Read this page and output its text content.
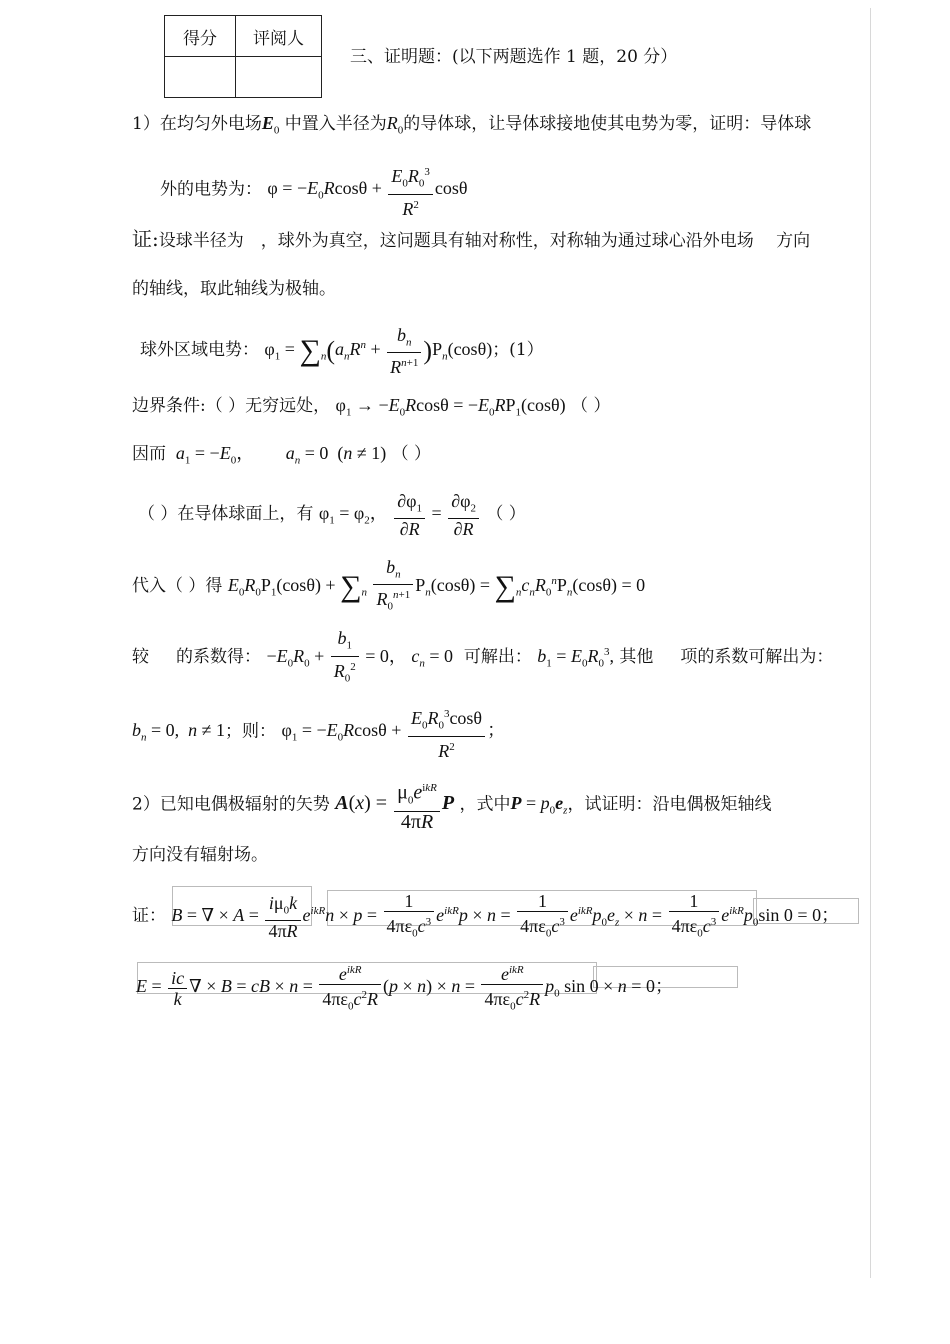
得分	评阅人

三、证明题：(以下两题选作 1 题，20 分）
1）在均匀外电场$E_0$ 中置入半径为$R_0$的导体球，让导体球接地使其电势为零，证明：导体球
外的电势为： $\varphi = -E_0Rcos\theta + \frac{E_0R_0^3}{R^2}$ cosθ
证:设球半径为　，球外为真空，这问题具有轴对称性，对称轴为通过球心沿外电场　 方向
的轴线，取此轴线为极轴。
球外区域电势： $\varphi_1 = \sum_n(a_nR^n + \frac{b_n}{R^{n+1}} )P_n(\cos\theta)$；(1）
边界条件:（ ）无穷远处， $\varphi_1 \to -E_0Rcos\theta = -E_0RP_1(\cos\theta)$ （ ）
因而 $a_1 = -E_0$，       $a_n = 0$  (n ≠ 1) （ ）
（ ）在导体球面上，有 $\varphi_1 = \varphi_2$， $\frac{\partial\varphi_1}{\partial R} = \frac{\partial\varphi_2}{\partial R}$ （ ）
代入（ ）得 $E_0R_0P_1(\cos\theta) + \sum_n \frac{b_n}{R_0^{n+1}} P_n(\cos\theta) = \sum_nc_nR_0^nP_n(\cos\theta) = 0$
较 的系数得： $-E_0R_0 + \frac{b_1}{R_0^2} = 0$， $c_n = 0$ 可解出： $b_1 = E_0R_0^3$, 其他 项的系数可解出为：
$b_n = 0$,  n ≠ 1；则： $\varphi_1 = -E_0Rcos\theta + \frac{E_0R_0^3\cos\theta}{R^2}$ ；
2）已知电偶极辐射的矢势 $A(x) = \mu_0e^{ikR}$
4πR
P ，式中$P = p_0e_z$，试证明：沿电偶极矩轴线
方向没有辐射场。
证： B = ∇ × $A = \frac{i\mu_0k}{4\pi R} e^{ikR}n \times p = \frac{1}{4\pi\varepsilon_0c^3} e^{ikR}p \times n = \frac{1}{4\pi\varepsilon_0c^3} e^{ikR}p_0e_z \times n = \frac{1}{4\pi\varepsilon_0c^3} e^{ikR}p_0\sin$ 0 = 0；
$E = \frac{ic}{k}$ ∇ × B = cB × n =
$e^{ikR}$
$4\pi\varepsilon_0c^2R$
(p × n) × n =
$e^{ikR}$
$4\pi\varepsilon_0c^2R$
$p_0$ sin 0 × n = 0；
